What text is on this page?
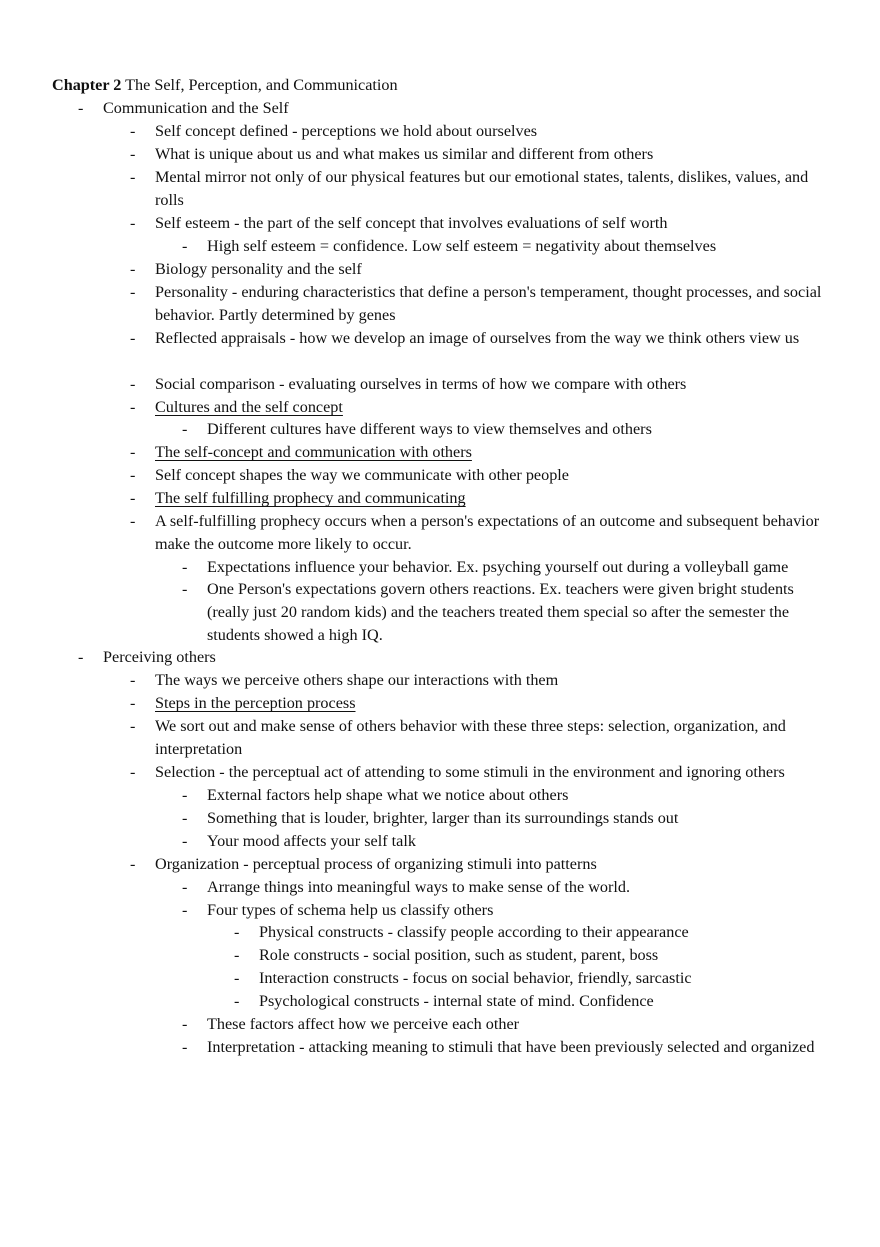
Chapter 2 The Self, Perception, and Communication
- Communication and the Self
- Self concept defined - perceptions we hold about ourselves
- What is unique about us and what makes us similar and different from others
- Mental mirror not only of our physical features but our emotional states, talents, dislikes, values, and rolls
- Self esteem - the part of the self concept that involves evaluations of self worth
- High self esteem = confidence. Low self esteem = negativity about themselves
- Biology personality and the self
- Personality - enduring characteristics that define a person's temperament, thought processes, and social behavior. Partly determined by genes
- Reflected appraisals - how we develop an image of ourselves from the way we think others view us
- Social comparison - evaluating ourselves in terms of how we compare with others
- Cultures and the self concept
- Different cultures have different ways to view themselves and others
- The self-concept and communication with others
- Self concept shapes the way we communicate with other people
- The self fulfilling prophecy and communicating
- A self-fulfilling prophecy occurs when a person's expectations of an outcome and subsequent behavior make the outcome more likely to occur.
- Expectations influence your behavior. Ex. psyching yourself out during a volleyball game
- One Person's expectations govern others reactions. Ex. teachers were given bright students (really just 20 random kids) and the teachers treated them special so after the semester the students showed a high IQ.
- Perceiving others
- The ways we perceive others shape our interactions with them
- Steps in the perception process
- We sort out and make sense of others behavior with these three steps: selection, organization, and interpretation
- Selection - the perceptual act of attending to some stimuli in the environment and ignoring others
- External factors help shape what we notice about others
- Something that is louder, brighter, larger than its surroundings stands out
- Your mood affects your self talk
- Organization - perceptual process of organizing stimuli into patterns
- Arrange things into meaningful ways to make sense of the world.
- Four types of schema help us classify others
- Physical constructs - classify people according to their appearance
- Role constructs - social position, such as student, parent, boss
- Interaction constructs - focus on social behavior, friendly, sarcastic
- Psychological constructs - internal state of mind. Confidence
- These factors affect how we perceive each other
- Interpretation - attacking meaning to stimuli that have been previously selected and organized
